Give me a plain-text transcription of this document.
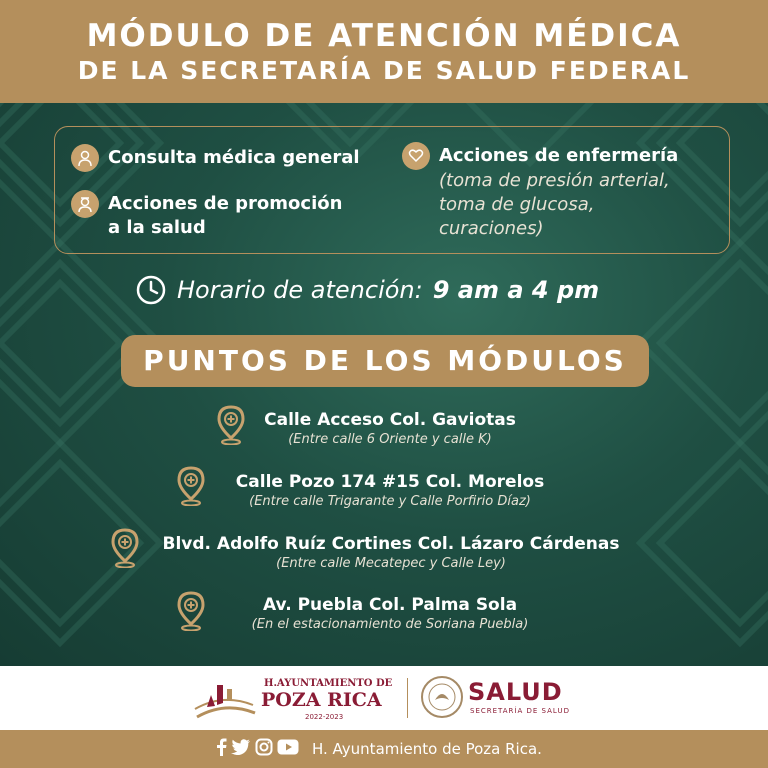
MÓDULO DE ATENCIÓN MÉDICA
DE LA SECRETARÍA DE SALUD FEDERAL
Consulta médica general
Acciones de promoción
a la salud
Acciones de enfermería
(toma de presión arterial,
toma de glucosa,
curaciones)
Horario de atención: 9 am a 4 pm
PUNTOS DE LOS MÓDULOS
Calle Acceso Col. Gaviotas
(Entre calle 6 Oriente y calle K)
Calle Pozo 174 #15 Col. Morelos
(Entre calle Trigarante y Calle Porfirio Díaz)
Blvd. Adolfo Ruíz Cortines Col. Lázaro Cárdenas
(Entre calle Mecatepec y Calle Ley)
Av. Puebla Col. Palma Sola
(En el estacionamiento de Soriana Puebla)
H.AYUNTAMIENTO DE
POZA RICA
2022-2023
SALUD
SECRETARÍA DE SALUD
H. Ayuntamiento de Poza Rica.
